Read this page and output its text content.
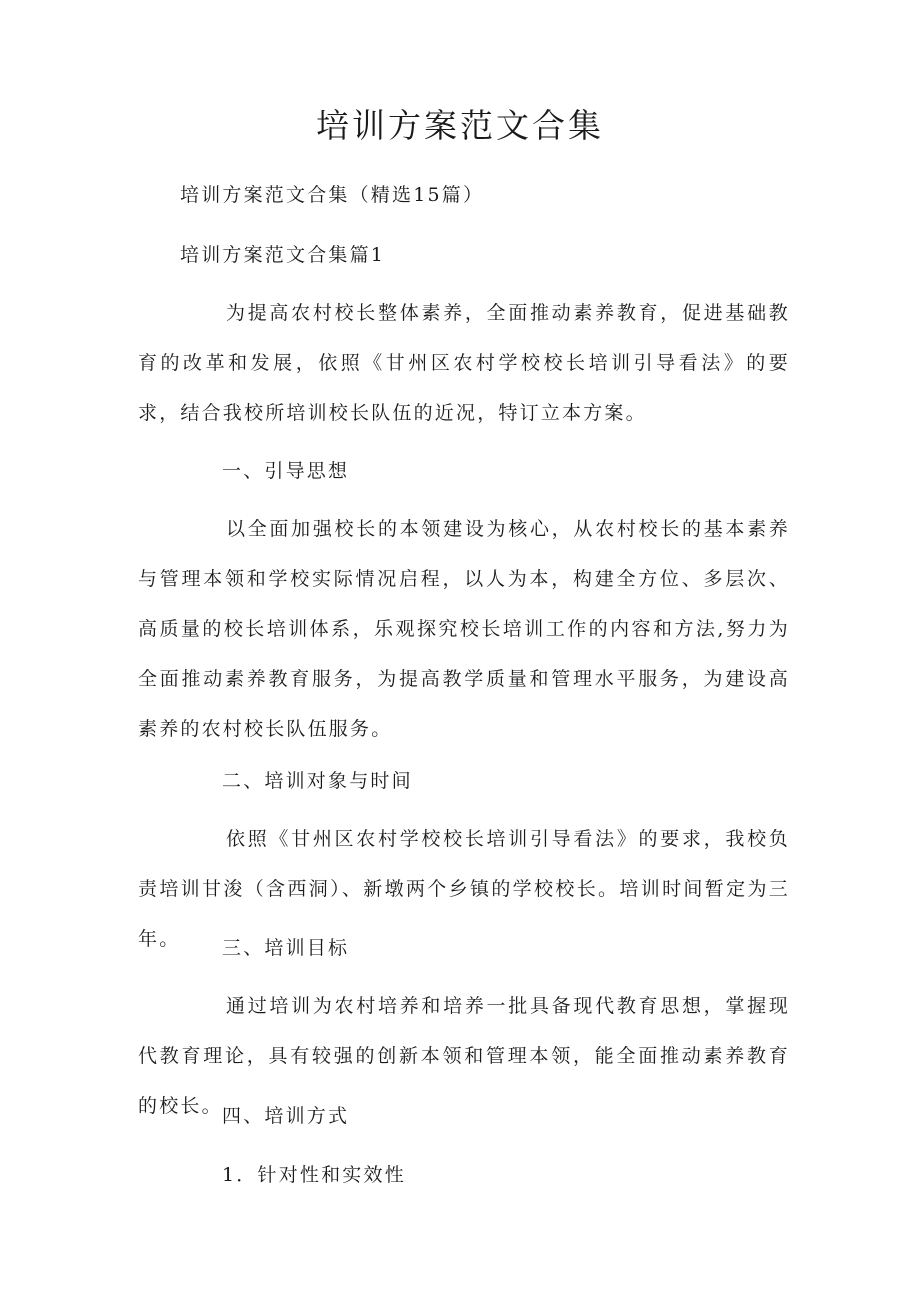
培训方案范文合集

培训方案范文合集（精选15篇）

培训方案范文合集篇1

为提高农村校长整体素养，全面推动素养教育，促进基础教育的改革和发展，依照《甘州区农村学校校长培训引导看法》的要求，结合我校所培训校长队伍的近况，特订立本方案。

一、引导思想

以全面加强校长的本领建设为核心，从农村校长的基本素养与管理本领和学校实际情况启程，以人为本，构建全方位、多层次、高质量的校长培训体系，乐观探究校长培训工作的内容和方法,努力为全面推动素养教育服务，为提高教学质量和管理水平服务，为建设高素养的农村校长队伍服务。

二、培训对象与时间

依照《甘州区农村学校校长培训引导看法》的要求，我校负责培训甘浚（含西洞）、新墩两个乡镇的学校校长。培训时间暂定为三年。	三、培训目标

通过培训为农村培养和培养一批具备现代教育思想，掌握现代教育理论，具有较强的创新本领和管理本领，能全面推动素养教育的校长。 四、培训方式

1．针对性和实效性
